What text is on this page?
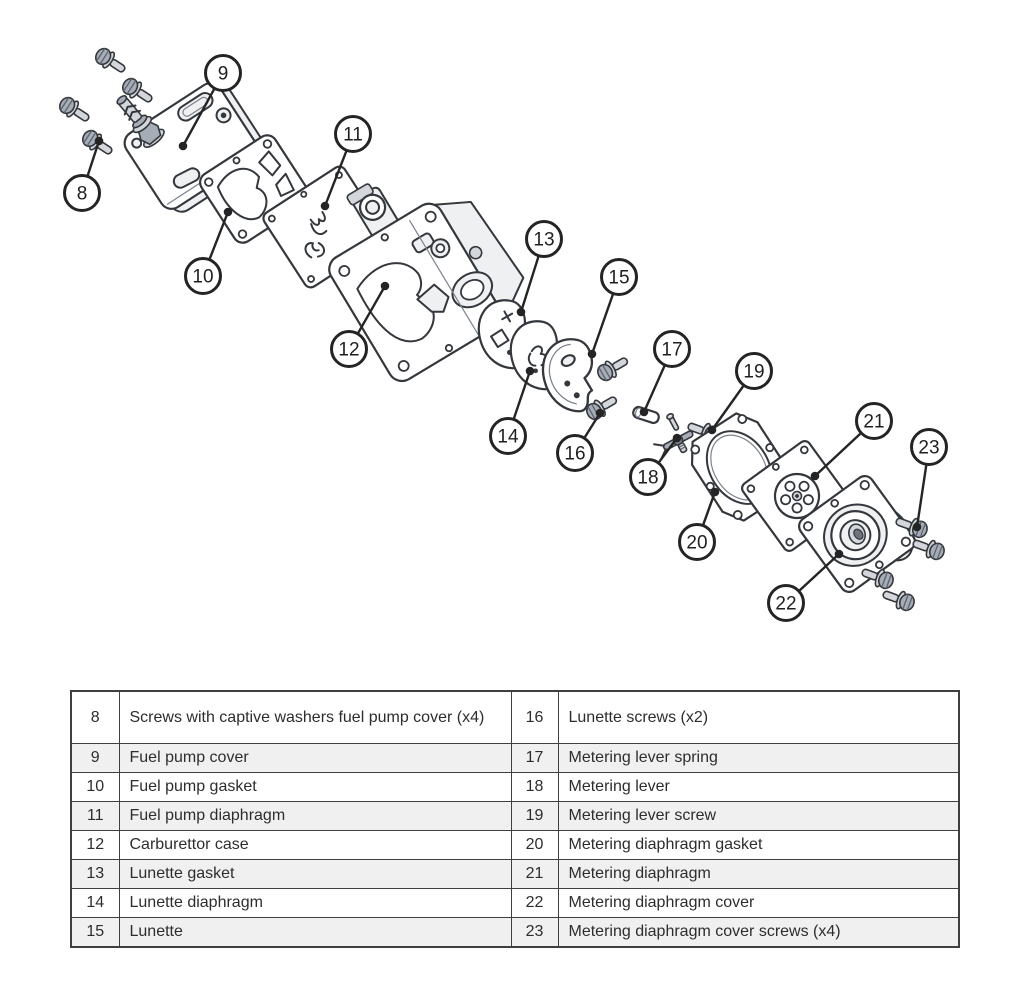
8
9
10
11
12
13
14
15
16
17
18
19
20
21
22
23
8	Screws with captive washers fuel pump cover (x4)	16	Lunette screws (x2)
9	Fuel pump cover	17	Metering lever spring
10	Fuel pump gasket	18	Metering lever
11	Fuel pump diaphragm	19	Metering lever screw
12	Carburettor case	20	Metering diaphragm gasket
13	Lunette gasket	21	Metering diaphragm
14	Lunette diaphragm	22	Metering diaphragm cover
15	Lunette	23	Metering diaphragm cover screws (x4)
